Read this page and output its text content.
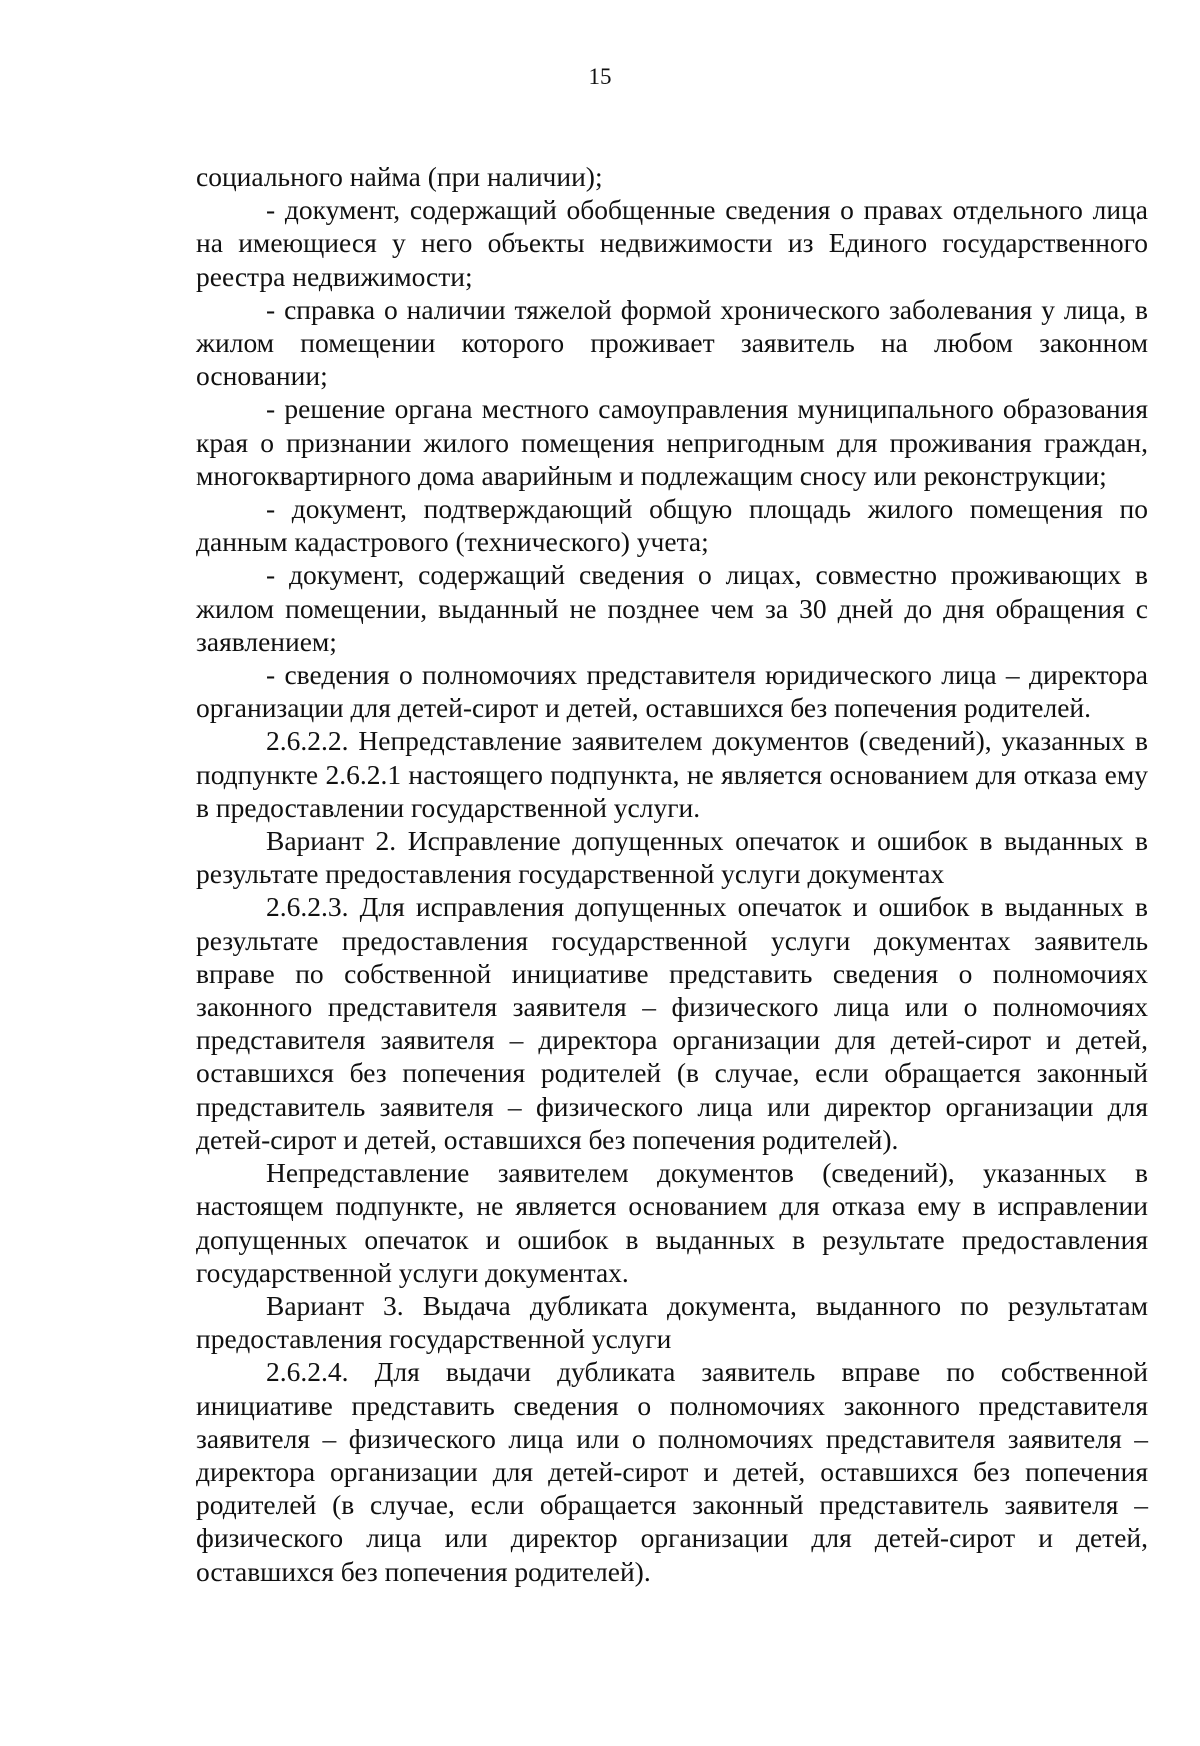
15

социального найма (при наличии);

- документ, содержащий обобщенные сведения о правах отдельного лица на имеющиеся у него объекты недвижимости из Единого государственного реестра недвижимости;

- справка о наличии тяжелой формой хронического заболевания у лица, в жилом помещении которого проживает заявитель на любом законном основании;

- решение органа местного самоуправления муниципального образования края о признании жилого помещения непригодным для проживания граждан, многоквартирного дома аварийным и подлежащим сносу или реконструкции;

- документ, подтверждающий общую площадь жилого помещения по данным кадастрового (технического) учета;

- документ, содержащий сведения о лицах, совместно проживающих в жилом помещении, выданный не позднее чем за 30 дней до дня обращения с заявлением;

- сведения о полномочиях представителя юридического лица – директора организации для детей-сирот и детей, оставшихся без попечения родителей.

2.6.2.2. Непредставление заявителем документов (сведений), указанных в подпункте 2.6.2.1 настоящего подпункта, не является основанием для отказа ему в предоставлении государственной услуги.

Вариант 2. Исправление допущенных опечаток и ошибок в выданных в результате предоставления государственной услуги документах

2.6.2.3. Для исправления допущенных опечаток и ошибок в выданных в результате предоставления государственной услуги документах заявитель вправе по собственной инициативе представить сведения о полномочиях законного представителя заявителя – физического лица или о полномочиях представителя заявителя – директора организации для детей-сирот и детей, оставшихся без попечения родителей (в случае, если обращается законный представитель заявителя – физического лица или директор организации для детей-сирот и детей, оставшихся без попечения родителей).

Непредставление заявителем документов (сведений), указанных в настоящем подпункте, не является основанием для отказа ему в исправлении допущенных опечаток и ошибок в выданных в результате предоставления государственной услуги документах.

Вариант 3. Выдача дубликата документа, выданного по результатам предоставления государственной услуги

2.6.2.4. Для выдачи дубликата заявитель вправе по собственной инициативе представить сведения о полномочиях законного представителя заявителя – физического лица или о полномочиях представителя заявителя – директора организации для детей-сирот и детей, оставшихся без попечения родителей (в случае, если обращается законный представитель заявителя – физического лица или директор организации для детей-сирот и детей, оставшихся без попечения родителей).
